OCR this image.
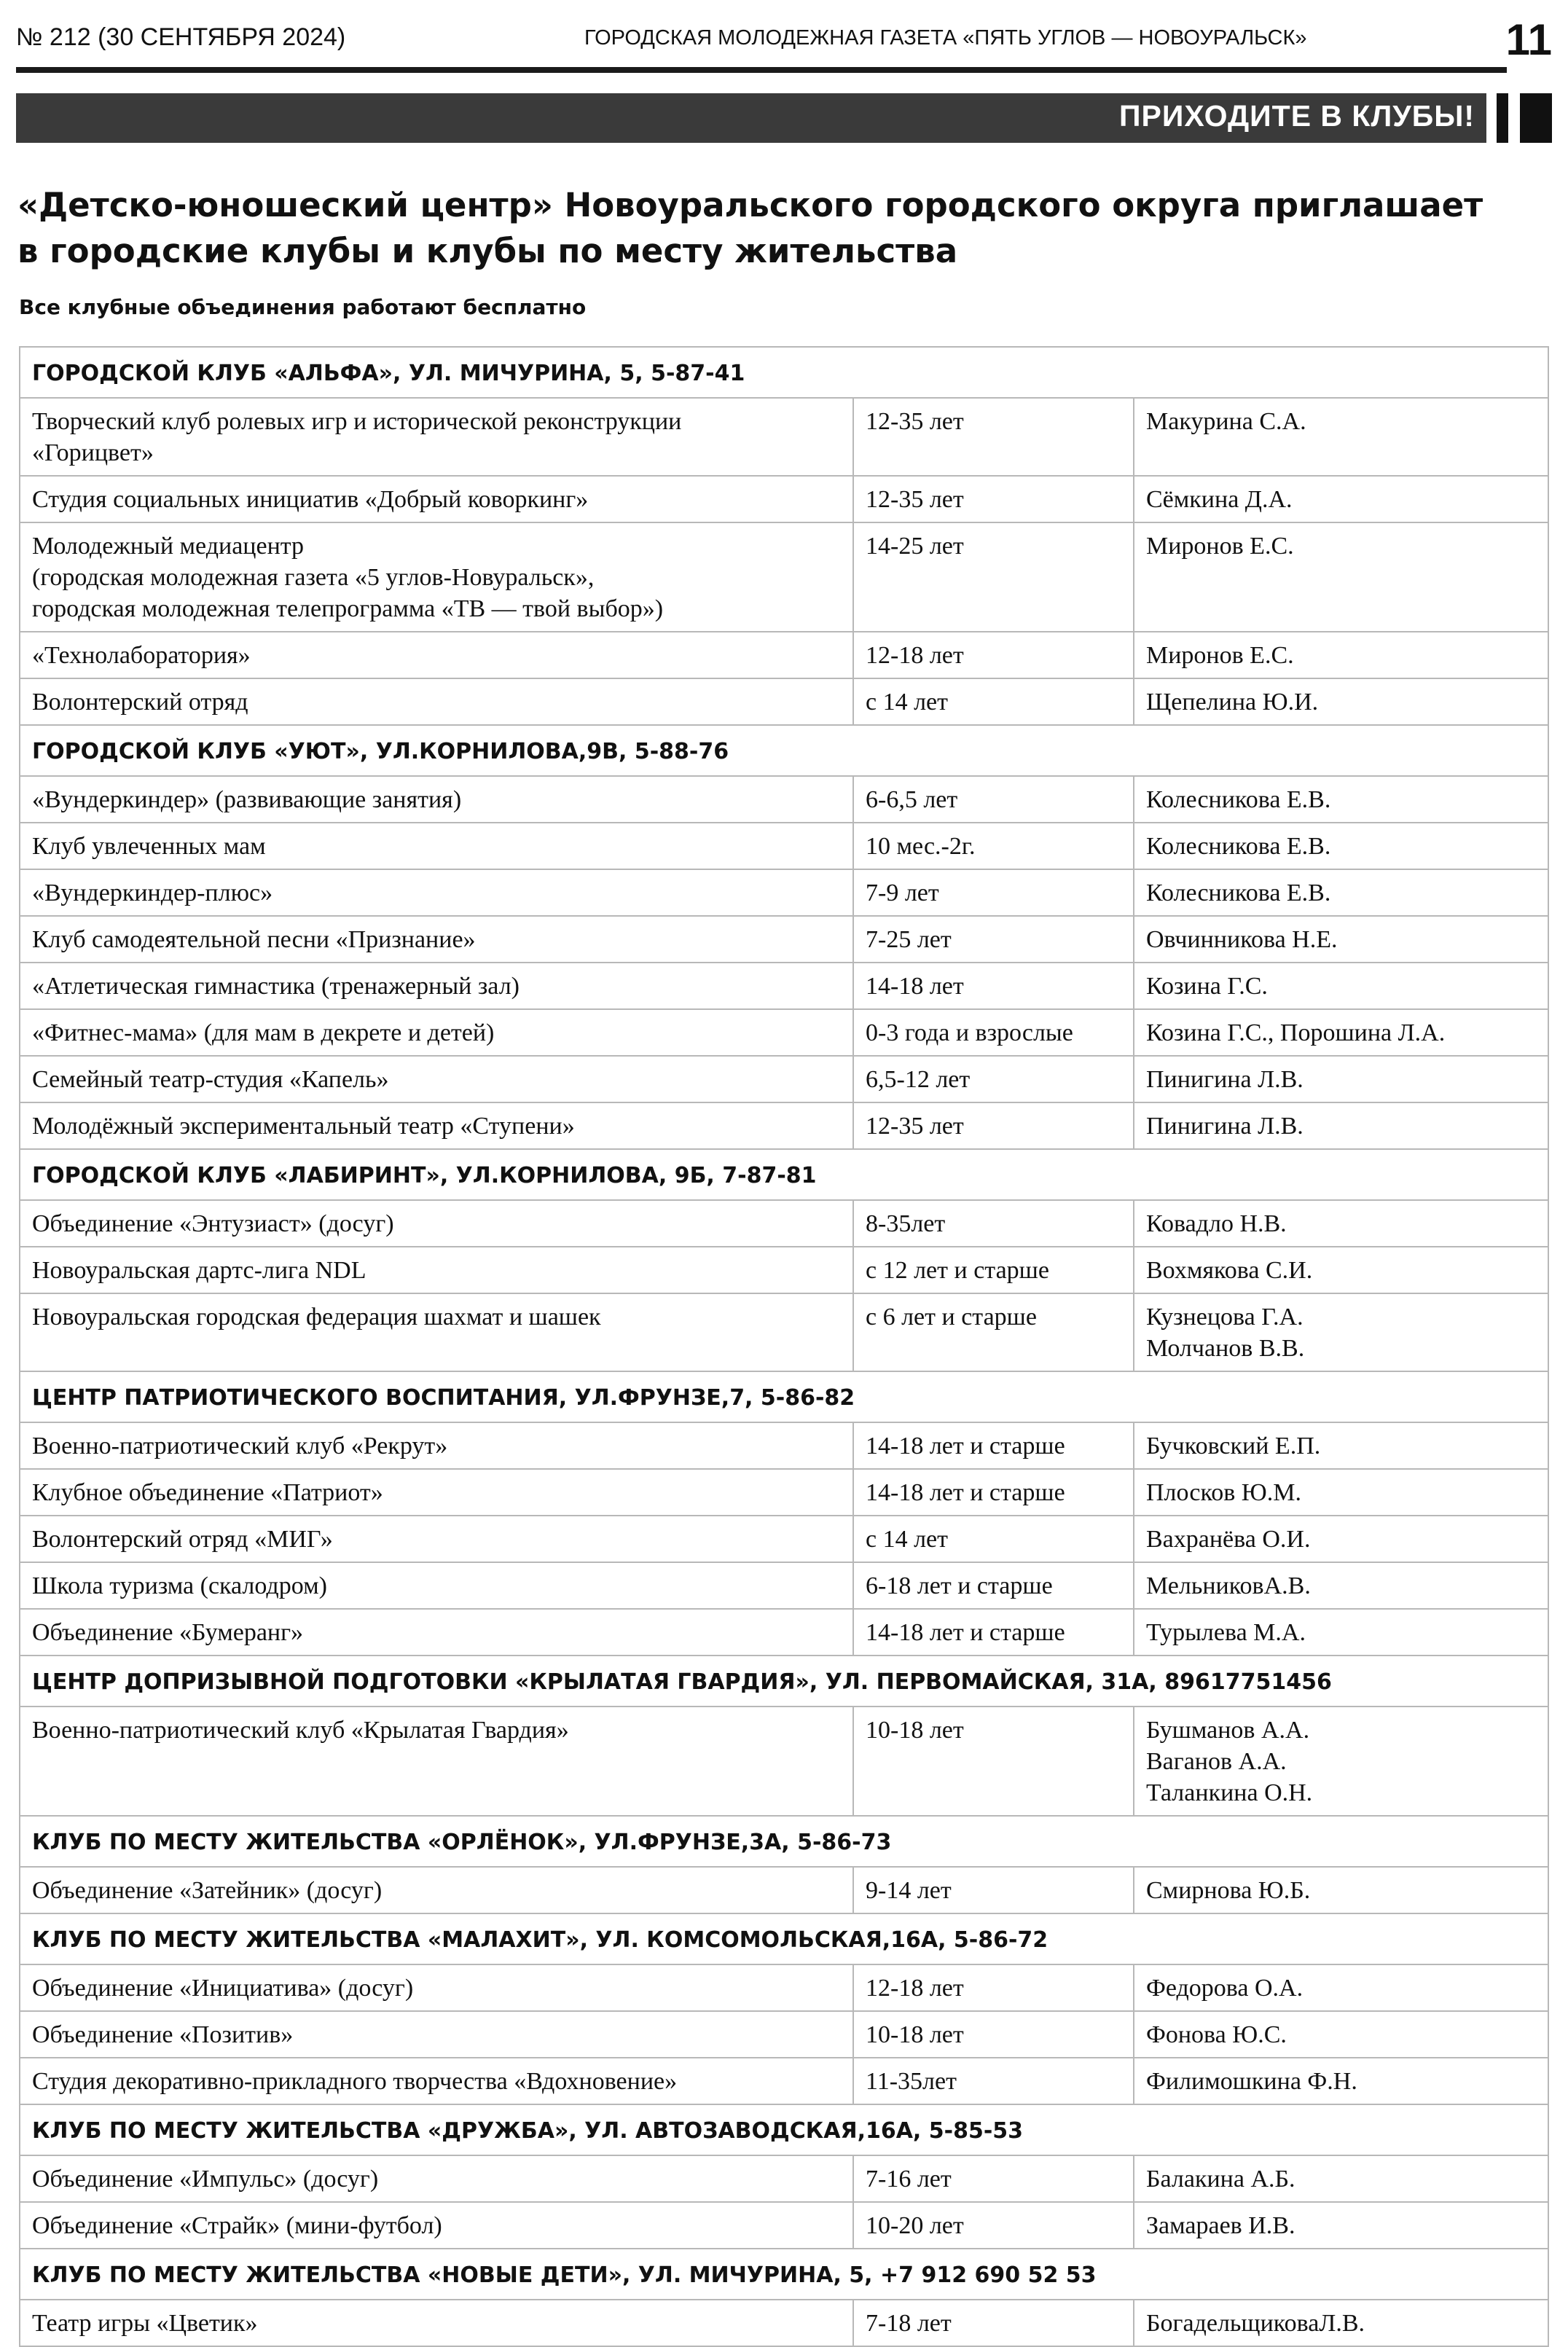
№ 212 (30 СЕНТЯБРЯ 2024)	ГОРОДСКАЯ МОЛОДЕЖНАЯ ГАЗЕТА «ПЯТЬ УГЛОВ — НОВОУРАЛЬСК»	11
ПРИХОДИТЕ В КЛУБЫ!
«Детско-юношеский центр» Новоуральского городского округа приглашает
в городские клубы и клубы по месту жительства
Все клубные объединения работают бесплатно
ГОРОДСКОЙ КЛУБ «АЛЬФА», УЛ. МИЧУРИНА, 5, 5-87-41		

Творческий клуб ролевых игр и исторической реконструкции
«Горицвет»	12-35 лет	Макурина С.А.

Студия социальных инициатив «Добрый коворкинг»	12-35 лет	Сёмкина Д.А.

Молодежный медиацентр
(городская молодежная газета «5 углов-Новуральск»,
городская молодежная телепрограмма «ТВ — твой выбор»)	14-25 лет	Миронов Е.С.

«Технолаборатория»	12-18 лет	Миронов Е.С.

Волонтерский отряд	с 14 лет	Щепелина Ю.И.

ГОРОДСКОЙ КЛУБ «УЮТ», УЛ.КОРНИЛОВА,9В, 5-88-76		

«Вундеркиндер» (развивающие занятия)	6-6,5 лет	Колесникова Е.В.

Клуб увлеченных мам	10 мес.-2г.	Колесникова Е.В.

«Вундеркиндер-плюс»	7-9 лет	Колесникова Е.В.

Клуб самодеятельной песни «Признание»	7-25 лет	Овчинникова Н.Е.

«Атлетическая гимнастика (тренажерный зал)	14-18 лет	Козина Г.С.

«Фитнес-мама» (для мам в декрете и детей)	0-3 года и взрослые	Козина Г.С., Порошина Л.А.

Семейный театр-студия «Капель»	6,5-12 лет	Пинигина Л.В.

Молодёжный экспериментальный театр «Ступени»	12-35 лет	Пинигина Л.В.

ГОРОДСКОЙ КЛУБ «ЛАБИРИНТ», УЛ.КОРНИЛОВА, 9Б, 7-87-81		

Объединение «Энтузиаст» (досуг)	8-35лет	Ковадло Н.В.

Новоуральская дартс-лига NDL	с 12 лет и старше	Вохмякова С.И.

Новоуральская городская федерация шахмат и шашек	с 6 лет и старше	Кузнецова Г.А.
Молчанов В.В.

ЦЕНТР ПАТРИОТИЧЕСКОГО ВОСПИТАНИЯ, УЛ.ФРУНЗЕ,7, 5-86-82		

Военно-патриотический клуб «Рекрут»	14-18 лет и старше	Бучковский Е.П.

Клубное объединение «Патриот»	14-18 лет и старше	Плосков Ю.М.

Волонтерский отряд «МИГ»	с 14 лет	Вахранёва О.И.

Школа туризма (скалодром)	6-18 лет и старше	МельниковА.В.

Объединение «Бумеранг»	14-18 лет и старше	Турылева М.А.

ЦЕНТР ДОПРИЗЫВНОЙ ПОДГОТОВКИ «КРЫЛАТАЯ ГВАРДИЯ», УЛ. ПЕРВОМАЙСКАЯ, 31А, 89617751456		

Военно-патриотический клуб «Крылатая Гвардия»	10-18 лет	Бушманов А.А.
Ваганов А.А.
Таланкина О.Н.

КЛУБ ПО МЕСТУ ЖИТЕЛЬСТВА «ОРЛЁНОК», УЛ.ФРУНЗЕ,3А, 5-86-73		

Объединение «Затейник» (досуг)	9-14 лет	Смирнова Ю.Б.

КЛУБ ПО МЕСТУ ЖИТЕЛЬСТВА «МАЛАХИТ», УЛ. КОМСОМОЛЬСКАЯ,16А, 5-86-72		

Объединение «Инициатива» (досуг)	12-18 лет	Федорова О.А.

Объединение «Позитив»	10-18 лет	Фонова Ю.С.

Студия декоративно-прикладного творчества «Вдохновение»	11-35лет	Филимошкина Ф.Н.

КЛУБ ПО МЕСТУ ЖИТЕЛЬСТВА «ДРУЖБА», УЛ. АВТОЗАВОДСКАЯ,16А, 5-85-53		

Объединение «Импульс» (досуг)	7-16 лет	Балакина А.Б.

Объединение «Страйк» (мини-футбол)	10-20 лет	Замараев И.В.

КЛУБ ПО МЕСТУ ЖИТЕЛЬСТВА «НОВЫЕ ДЕТИ», УЛ. МИЧУРИНА, 5, +7 912 690 52 53		

Театр игры «Цветик»	7-18 лет	БогадельщиковаЛ.В.
